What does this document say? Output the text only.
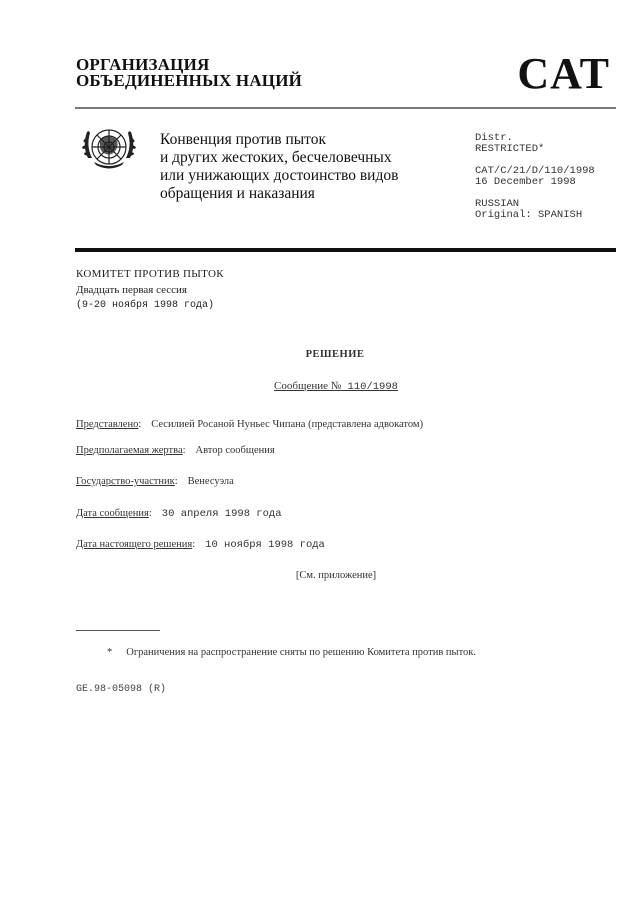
ОРГАНИЗАЦИЯ
ОБЪЕДИНЕННЫХ НАЦИЙ	CAT
Конвенция против пыток
и других жестоких, бесчеловечных
или унижающих достоинство видов
обращения и наказания
Distr.
RESTRICTED*
CAT/C/21/D/110/1998
16 December 1998
RUSSIAN
Original: SPANISH
КОМИТЕТ ПРОТИВ ПЫТОК
Двадцать первая сессия
(9-20 ноября 1998 года)
РЕШЕНИЕ
Сообщение № 110/1998
Представлено: Сесилией Росаной Нуньес Чипана (представлена адвокатом)
Предполагаемая жертва: Автор сообщения
Государство-участник: Венесуэла
Дата сообщения: 30 апреля 1998 года
Дата настоящего решения: 10 ноября 1998 года
[См. приложение]
* Ограничения на распространение сняты по решению Комитета против пыток.
GE.98-05098 (R)
